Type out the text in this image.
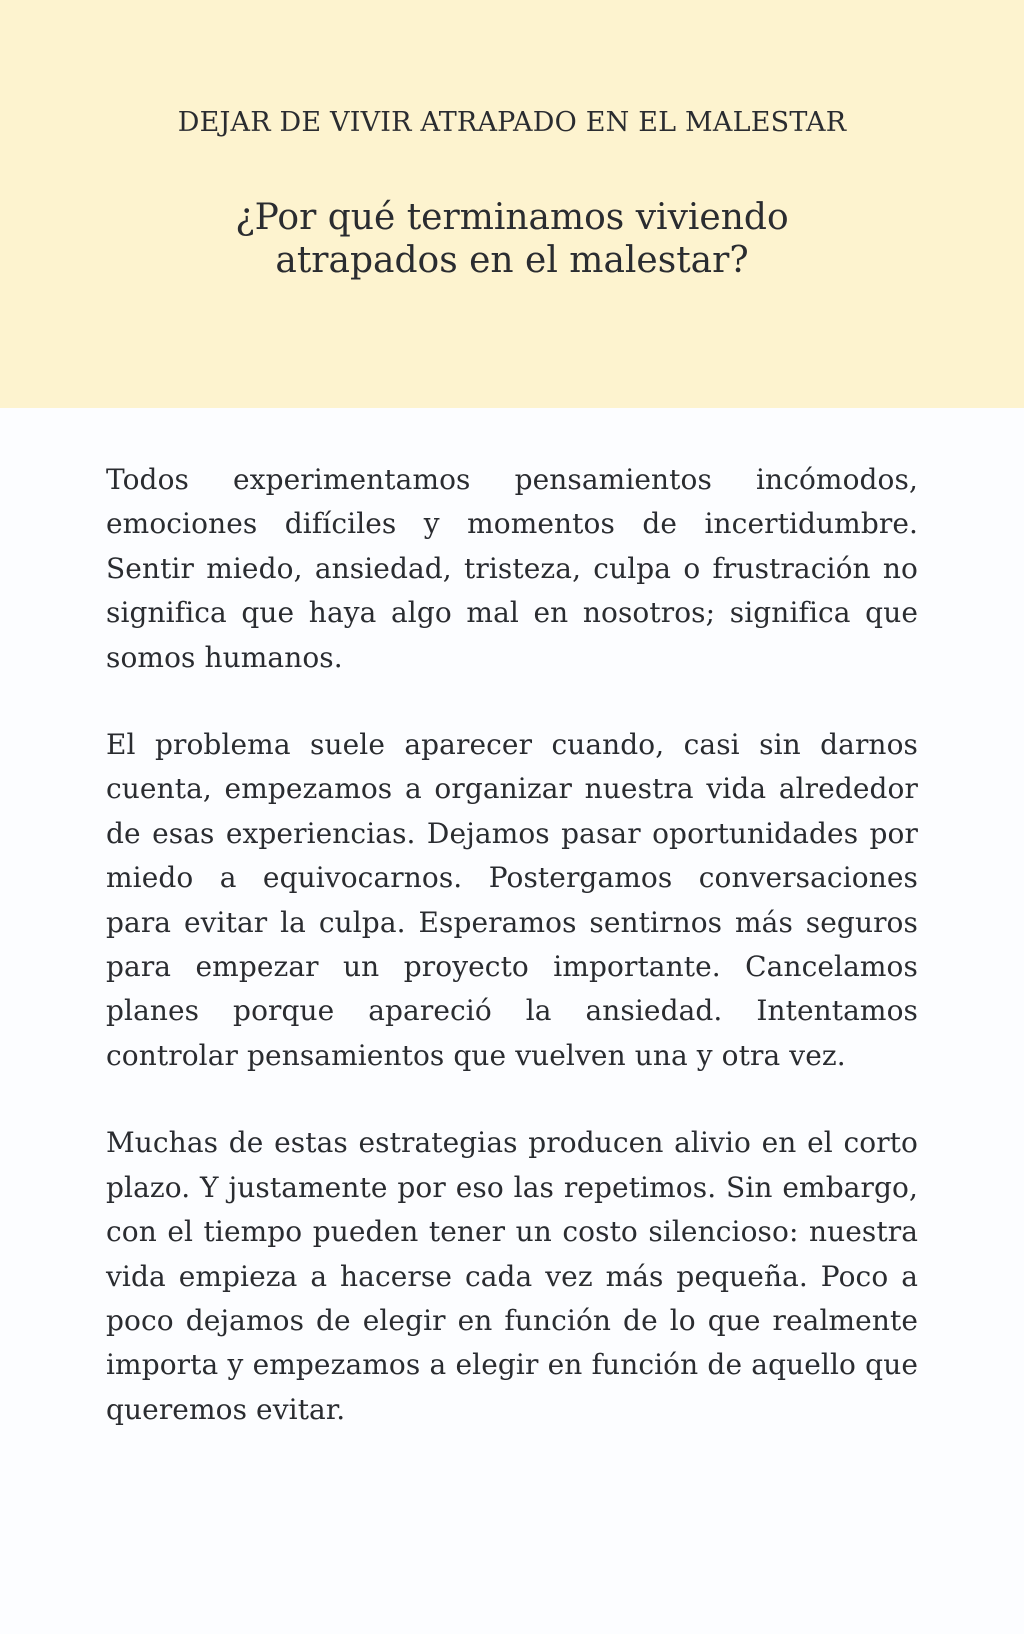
DEJAR DE VIVIR ATRAPADO EN EL MALESTAR
¿Por qué terminamos viviendo
atrapados en el malestar?

Todos experimentamos pensamientos incómodos, emociones difíciles y momentos de incertidumbre. Sentir miedo, ansiedad, tristeza, culpa o frustración no significa que haya algo mal en nosotros; significa que somos humanos.

El problema suele aparecer cuando, casi sin darnos cuenta, empezamos a organizar nuestra vida alrededor de esas experiencias. Dejamos pasar oportunidades por miedo a equivocarnos. Postergamos conversaciones para evitar la culpa. Esperamos sentirnos más seguros para empezar un proyecto importante. Cancelamos planes porque apareció la ansiedad. Intentamos controlar pensamientos que vuelven una y otra vez.

Muchas de estas estrategias producen alivio en el corto plazo. Y justamente por eso las repetimos. Sin embargo, con el tiempo pueden tener un costo silencioso: nuestra vida empieza a hacerse cada vez más pequeña. Poco a poco dejamos de elegir en función de lo que realmente importa y empezamos a elegir en función de aquello que queremos evitar.
